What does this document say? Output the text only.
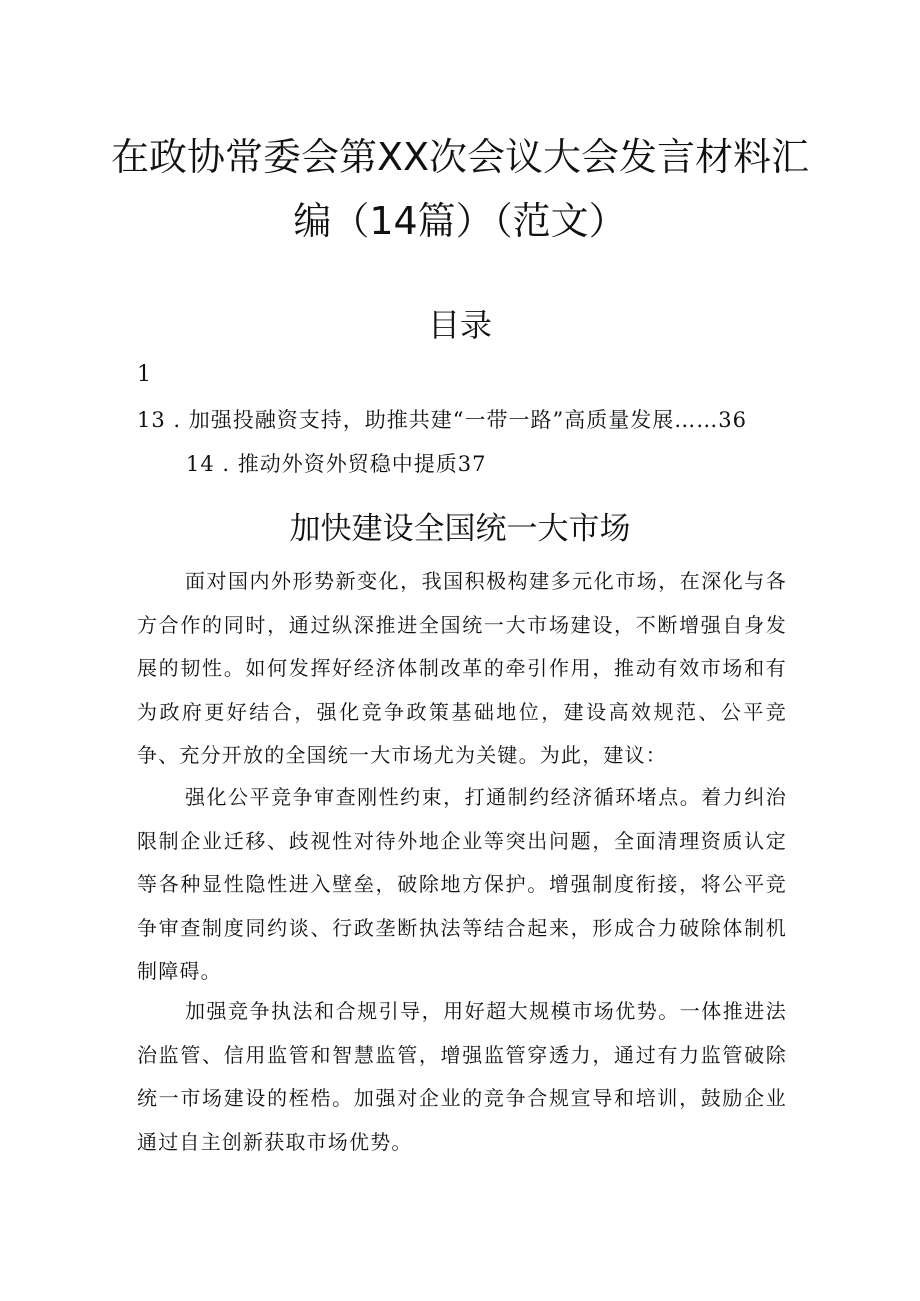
在政协常委会第XX次会议大会发言材料汇
编（14篇）（范文）
目录
1
13 . 加强投融资支持，助推共建“一带一路”高质量发展……36
14 . 推动外资外贸稳中提质37
加快建设全国统一大市场

面对国内外形势新变化，我国积极构建多元化市场，在深化与各方合作的同时，通过纵深推进全国统一大市场建设，不断增强自身发展的韧性。如何发挥好经济体制改革的牵引作用，推动有效市场和有为政府更好结合，强化竞争政策基础地位，建设高效规范、公平竞争、充分开放的全国统一大市场尤为关键。为此，建议：

强化公平竞争审查刚性约束，打通制约经济循环堵点。着力纠治限制企业迁移、歧视性对待外地企业等突出问题，全面清理资质认定等各种显性隐性进入壁垒，破除地方保护。增强制度衔接，将公平竞争审查制度同约谈、行政垄断执法等结合起来，形成合力破除体制机制障碍。

加强竞争执法和合规引导，用好超大规模市场优势。一体推进法治监管、信用监管和智慧监管，增强监管穿透力，通过有力监管破除统一市场建设的桎梏。加强对企业的竞争合规宣导和培训，鼓励企业通过自主创新获取市场优势。
